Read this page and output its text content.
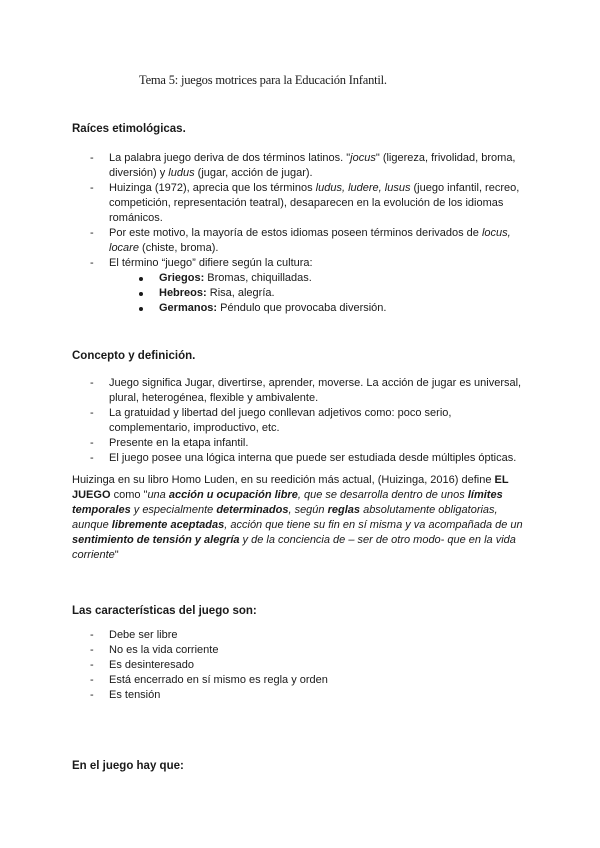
Tema 5: juegos motrices para la Educación Infantil.
Raíces etimológicas.
- La palabra juego deriva de dos términos latinos. "jocus" (ligereza, frivolidad, broma, diversión) y ludus (jugar, acción de jugar).
- Huizinga (1972), aprecia que los términos ludus, ludere, lusus (juego infantil, recreo, competición, representación teatral), desaparecen en la evolución de los idiomas románicos.
- Por este motivo, la mayoría de estos idiomas poseen términos derivados de locus, locare (chiste, broma).
- El término “juego” difiere según la cultura:
Griegos: Bromas, chiquilladas.
Hebreos: Risa, alegría.
Germanos: Péndulo que provocaba diversión.
Concepto y definición.
- Juego significa Jugar, divertirse, aprender, moverse. La acción de jugar es universal, plural, heterogénea, flexible y ambivalente.
- La gratuidad y libertad del juego conllevan adjetivos como: poco serio, complementario, improductivo, etc.
- Presente en la etapa infantil.
- El juego posee una lógica interna que puede ser estudiada desde múltiples ópticas.
Huizinga en su libro Homo Luden, en su reedición más actual, (Huizinga, 2016) define EL JUEGO como "una acción u ocupación libre, que se desarrolla dentro de unos límites temporales y especialmente determinados, según reglas absolutamente obligatorias, aunque libremente aceptadas, acción que tiene su fin en sí misma y va acompañada de un sentimiento de tensión y alegría y de la conciencia de – ser de otro modo- que en la vida corriente"
Las características del juego son:
- Debe ser libre
- No es la vida corriente
- Es desinteresado
- Está encerrado en sí mismo es regla y orden
- Es tensión
En el juego hay que:
